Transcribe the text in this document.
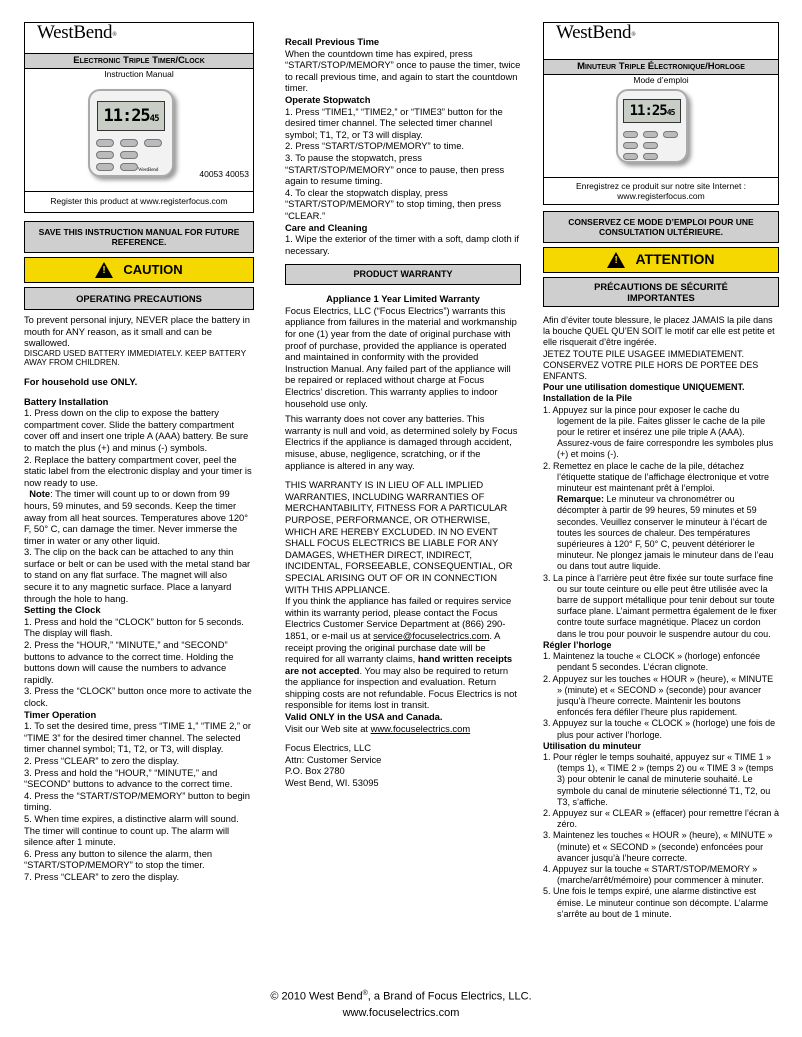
WestBend®
Electronic Triple Timer/Clock
Instruction Manual
11:2545
WestBend	40053 40053
Register this product at www.registerfocus.com
SAVE THIS INSTRUCTION MANUAL FOR FUTURE REFERENCE.
!
CAUTION
OPERATING PRECAUTIONS

To prevent personal injury, NEVER place the battery in mouth for ANY reason, as it small and can be swallowed.

DISCARD USED BATTERY IMMEDIATELY. KEEP BATTERY AWAY FROM CHILDREN.

For household use ONLY.

Battery Installation

1. Press down on the clip to expose the battery compartment cover. Slide the battery compartment cover off and insert one triple A (AAA) battery. Be sure to match the plus (+) and minus (-) symbols.

2. Replace the battery compartment cover, peel the static label from the electronic display and your timer is now ready to use.

Note: The timer will count up to or down from 99 hours, 59 minutes, and 59 seconds. Keep the timer away from all heat sources. Temperatures above 120° F, 50° C, can damage the timer. Never immerse the timer in water or any other liquid.

3. The clip on the back can be attached to any thin surface or belt or can be used with the metal stand bar to stand on any flat surface. The magnet will also secure it to any magnetic surface. Place a lanyard through the hole to hang.

Setting the Clock

1. Press and hold the “CLOCK” button for 5 seconds. The display will flash.

2. Press the “HOUR,” “MINUTE,” and “SECOND” buttons to advance to the correct time. Holding the buttons down will cause the numbers to advance rapidly.

3. Press the “CLOCK” button once more to activate the clock.

Timer Operation

1. To set the desired time, press “TIME 1,” “TIME 2,” or “TIME 3” for the desired timer channel. The selected timer channel symbol; T1, T2, or T3, will display.

2. Press “CLEAR” to zero the display.

3. Press and hold the “HOUR,” “MINUTE,” and “SECOND” buttons to advance to the correct time.

4. Press the “START/STOP/MEMORY” button to begin timing.

5. When time expires, a distinctive alarm will sound. The timer will continue to count up. The alarm will silence after 1 minute.

6. Press any button to silence the alarm, then “START/STOP/MEMORY” to stop the timer.

7. Press “CLEAR” to zero the display.

Recall Previous Time

When the countdown time has expired, press “START/STOP/MEMORY” once to pause the timer, twice to recall previous time, and again to start the countdown timer.

Operate Stopwatch

1. Press “TIME1,” “TIME2,” or “TIME3” button for the desired timer channel. The selected timer channel symbol; T1, T2, or T3 will display.

2. Press “START/STOP/MEMORY” to time.

3. To pause the stopwatch, press “START/STOP/MEMORY” once to pause, then press again to resume timing.

4. To clear the stopwatch display, press “START/STOP/MEMORY” to stop timing, then press “CLEAR.”

Care and Cleaning

1. Wipe the exterior of the timer with a soft, damp cloth if necessary.

PRODUCT WARRANTY

Appliance 1 Year Limited Warranty

Focus Electrics, LLC (“Focus Electrics”) warrants this appliance from failures in the material and workmanship for one (1) year from the date of original purchase with proof of purchase, provided the appliance is operated and maintained in conformity with the provided Instruction Manual. Any failed part of the appliance will be repaired or replaced without charge at Focus Electrics’ discretion. This warranty applies to indoor household use only.

This warranty does not cover any batteries. This warranty is null and void, as determined solely by Focus Electrics if the appliance is damaged through accident, misuse, abuse, negligence, scratching, or if the appliance is altered in any way.

THIS WARRANTY IS IN LIEU OF ALL IMPLIED WARRANTIES, INCLUDING WARRANTIES OF MERCHANTABILITY, FITNESS FOR A PARTICULAR PURPOSE, PERFORMANCE, OR OTHERWISE, WHICH ARE HEREBY EXCLUDED. IN NO EVENT SHALL FOCUS ELECTRICS BE LIABLE FOR ANY DAMAGES, WHETHER DIRECT, INDIRECT, INCIDENTAL, FORSEEABLE, CONSEQUENTIAL, OR SPECIAL ARISING OUT OF OR IN CONNECTION WITH THIS APPLIANCE.

If you think the appliance has failed or requires service within its warranty period, please contact the Focus Electrics Customer Service Department at (866) 290-1851, or e-mail us at service@focuselectrics.com. A receipt proving the original purchase date will be required for all warranty claims, hand written receipts are not accepted. You may also be required to return the appliance for inspection and evaluation. Return shipping costs are not refundable. Focus Electrics is not responsible for items lost in transit.

Valid ONLY in the USA and Canada.

Visit our Web site at www.focuselectrics.com

Focus Electrics, LLC

Attn: Customer Service

P.O. Box 2780

West Bend, WI. 53095

WestBend®
Minuteur Triple Électronique/Horloge
Mode d’emploi
11:2545
Enregistrez ce produit sur notre site Internet : www.registerfocus.com
CONSERVEZ CE MODE D’EMPLOI POUR UNE CONSULTATION ULTÉRIEURE.
!
ATTENTION
PRÉCAUTIONS DE SÉCURITÉ IMPORTANTES

Afin d’éviter toute blessure, le placez JAMAIS la pile dans la bouche QUEL QU’EN SOIT le motif car elle est petite et elle risquerait d’être ingérée.

JETEZ TOUTE PILE USAGEE IMMEDIATEMENT. CONSERVEZ VOTRE PILE HORS DE PORTEE DES ENFANTS.

Pour une utilisation domestique UNIQUEMENT.

Installation de la Pile

1. Appuyez sur la pince pour exposer le cache du logement de la pile. Faites glisser le cache de la pile pour le retirer et insérez une pile triple A (AAA). Assurez-vous de faire correspondre les symboles plus (+) et moins (-).
2. Remettez en place le cache de la pile, détachez l’étiquette statique de l’affichage électronique et votre minuteur est maintenant prêt à l’emploi.

Remarque: Le minuteur va chronométrer ou décompter à partir de 99 heures, 59 minutes et 59 secondes. Veuillez conserver le minuteur à l’écart de toutes les sources de chaleur. Des températures supérieures à 120° F, 50° C, peuvent détériorer le minuteur. Ne plongez jamais le minuteur dans de l’eau ou dans tout autre liquide.

3. La pince à l’arrière peut être fixée sur toute surface fine ou sur toute ceinture ou elle peut être utilisée avec la barre de support métallique pour tenir debout sur toute surface plane. L’aimant permettra également de le fixer contre toute surface magnétique. Placez un cordon dans le trou pour pouvoir le suspendre autour du cou.

Régler l’horloge

1. Maintenez la touche « CLOCK » (horloge) enfoncée pendant 5 secondes. L’écran clignote.
2. Appuyez sur les touches « HOUR » (heure), « MINUTE » (minute) et « SECOND » (seconde) pour avancer jusqu’à l’heure correcte. Maintenir les boutons enfoncés fera défiler l’heure plus rapidement.
3. Appuyez sur la touche « CLOCK » (horloge) une fois de plus pour activer l’horloge.

Utilisation du minuteur

1. Pour régler le temps souhaité, appuyez sur « TIME 1 » (temps 1), « TIME 2 » (temps 2) ou « TIME 3 » (temps 3) pour obtenir le canal de minuterie souhaité. Le symbole du canal de minuterie sélectionné T1, T2, ou T3, s’affiche.
2. Appuyez sur « CLEAR » (effacer) pour remettre l’écran à zéro.
3. Maintenez les touches « HOUR » (heure), « MINUTE » (minute) et « SECOND » (seconde) enfoncées pour avancer jusqu’à l’heure correcte.
4. Appuyez sur la touche « START/STOP/MEMORY » (marche/arrêt/mémoire) pour commencer à minuter.
5. Une fois le temps expiré, une alarme distinctive est émise. Le minuteur continue son décompte. L’alarme s’arrête au bout de 1 minute.

© 2010 West Bend®, a Brand of Focus Electrics, LLC.

www.focuselectrics.com
